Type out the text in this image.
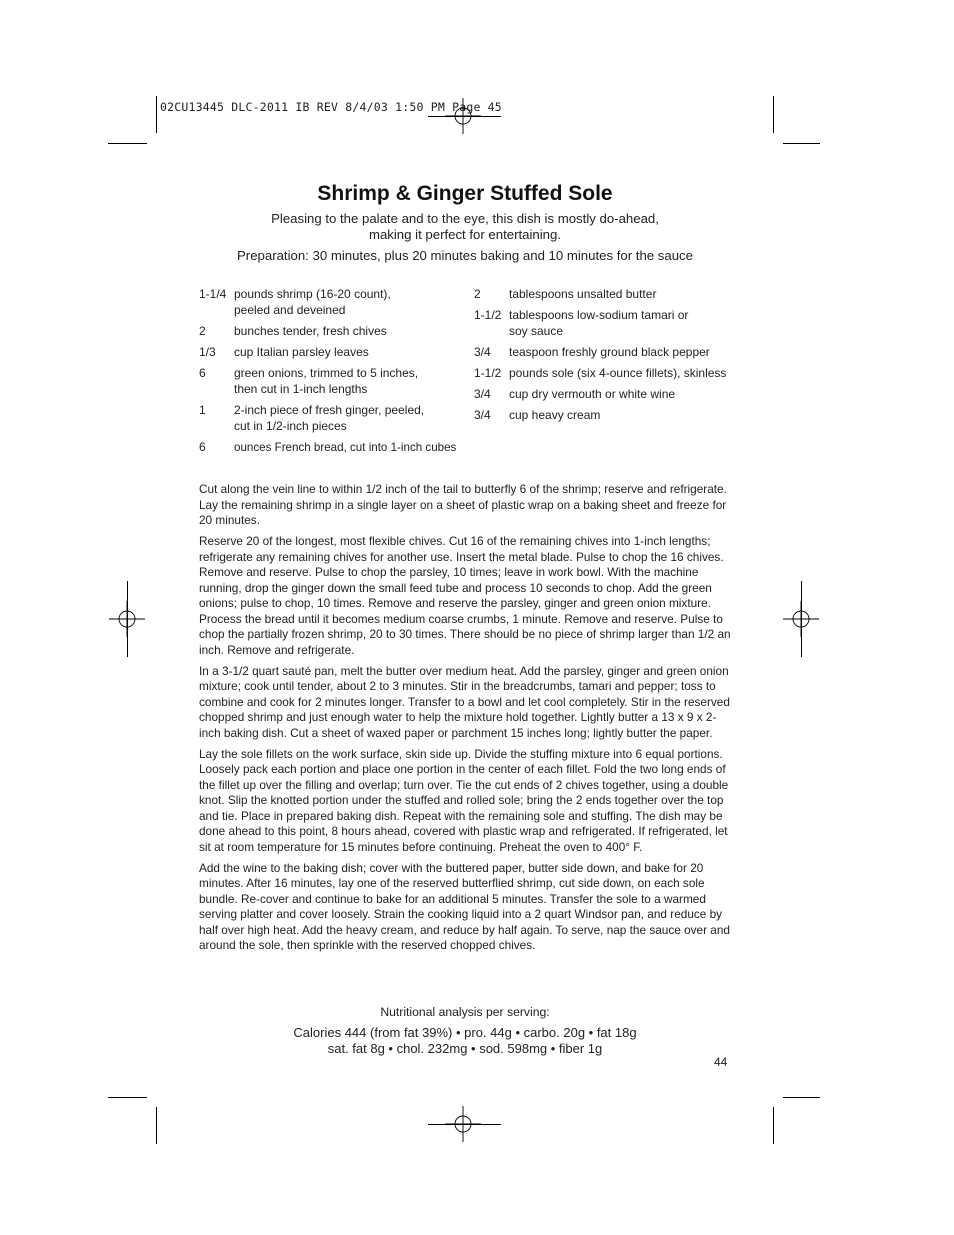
02CU13445 DLC-2011 IB REV 8/4/03 1:50 PM Page 45
Shrimp & Ginger Stuffed Sole
Pleasing to the palate and to the eye, this dish is mostly do-ahead,
making it perfect for entertaining.
Preparation: 30 minutes, plus 20 minutes baking and 10 minutes for the sauce
1-1/4 pounds shrimp (16-20 count),
peeled and deveined
2	bunches tender, fresh chives
1/3	cup Italian parsley leaves
6	green onions, trimmed to 5 inches,
then cut in 1-inch lengths
1	2-inch piece of fresh ginger, peeled,
cut in 1/2-inch pieces
6	ounces French bread, cut into 1-inch cubes
2	tablespoons unsalted butter
1-1/2 tablespoons low-sodium tamari or
soy sauce
3/4	teaspoon freshly ground black pepper
1-1/2 pounds sole (six 4-ounce fillets), skinless
3/4	cup dry vermouth or white wine
3/4	cup heavy cream

Cut along the vein line to within 1/2 inch of the tail to butterfly 6 of the shrimp; reserve and refrigerate. Lay the remaining shrimp in a single layer on a sheet of plastic wrap on a baking sheet and freeze for 20 minutes.

Reserve 20 of the longest, most flexible chives. Cut 16 of the remaining chives into 1-inch lengths; refrigerate any remaining chives for another use. Insert the metal blade. Pulse to chop the 16 chives. Remove and reserve. Pulse to chop the parsley, 10 times; leave in work bowl. With the machine running, drop the ginger down the small feed tube and process 10 seconds to chop. Add the green onions; pulse to chop, 10 times. Remove and reserve the parsley, ginger and green onion mixture. Process the bread until it becomes medium coarse crumbs, 1 minute. Remove and reserve. Pulse to chop the partially frozen shrimp, 20 to 30 times. There should be no piece of shrimp larger than 1/2 an inch. Remove and refrigerate.

In a 3-1/2 quart sauté pan, melt the butter over medium heat. Add the parsley, ginger and green onion mixture; cook until tender, about 2 to 3 minutes. Stir in the breadcrumbs, tamari and pepper; toss to combine and cook for 2 minutes longer. Transfer to a bowl and let cool completely. Stir in the reserved chopped shrimp and just enough water to help the mixture hold together. Lightly butter a 13 x 9 x 2-inch baking dish. Cut a sheet of waxed paper or parchment 15 inches long; lightly butter the paper.

Lay the sole fillets on the work surface, skin side up. Divide the stuffing mixture into 6 equal portions. Loosely pack each portion and place one portion in the center of each fillet. Fold the two long ends of the fillet up over the filling and overlap; turn over. Tie the cut ends of 2 chives together, using a double knot. Slip the knotted portion under the stuffed and rolled sole; bring the 2 ends together over the top and tie. Place in prepared baking dish. Repeat with the remaining sole and stuffing. The dish may be done ahead to this point, 8 hours ahead, covered with plastic wrap and refrigerated. If refrigerated, let sit at room temperature for 15 minutes before continuing. Preheat the oven to 400° F.

Add the wine to the baking dish; cover with the buttered paper, butter side down, and bake for 20 minutes. After 16 minutes, lay one of the reserved butterflied shrimp, cut side down, on each sole bundle. Re-cover and continue to bake for an additional 5 minutes. Transfer the sole to a warmed serving platter and cover loosely. Strain the cooking liquid into a 2 quart Windsor pan, and reduce by half over high heat. Add the heavy cream, and reduce by half again. To serve, nap the sauce over and around the sole, then sprinkle with the reserved chopped chives.

Nutritional analysis per serving:
Calories 444 (from fat 39%) • pro. 44g • carbo. 20g • fat 18g
sat. fat 8g • chol. 232mg • sod. 598mg • fiber 1g
44
